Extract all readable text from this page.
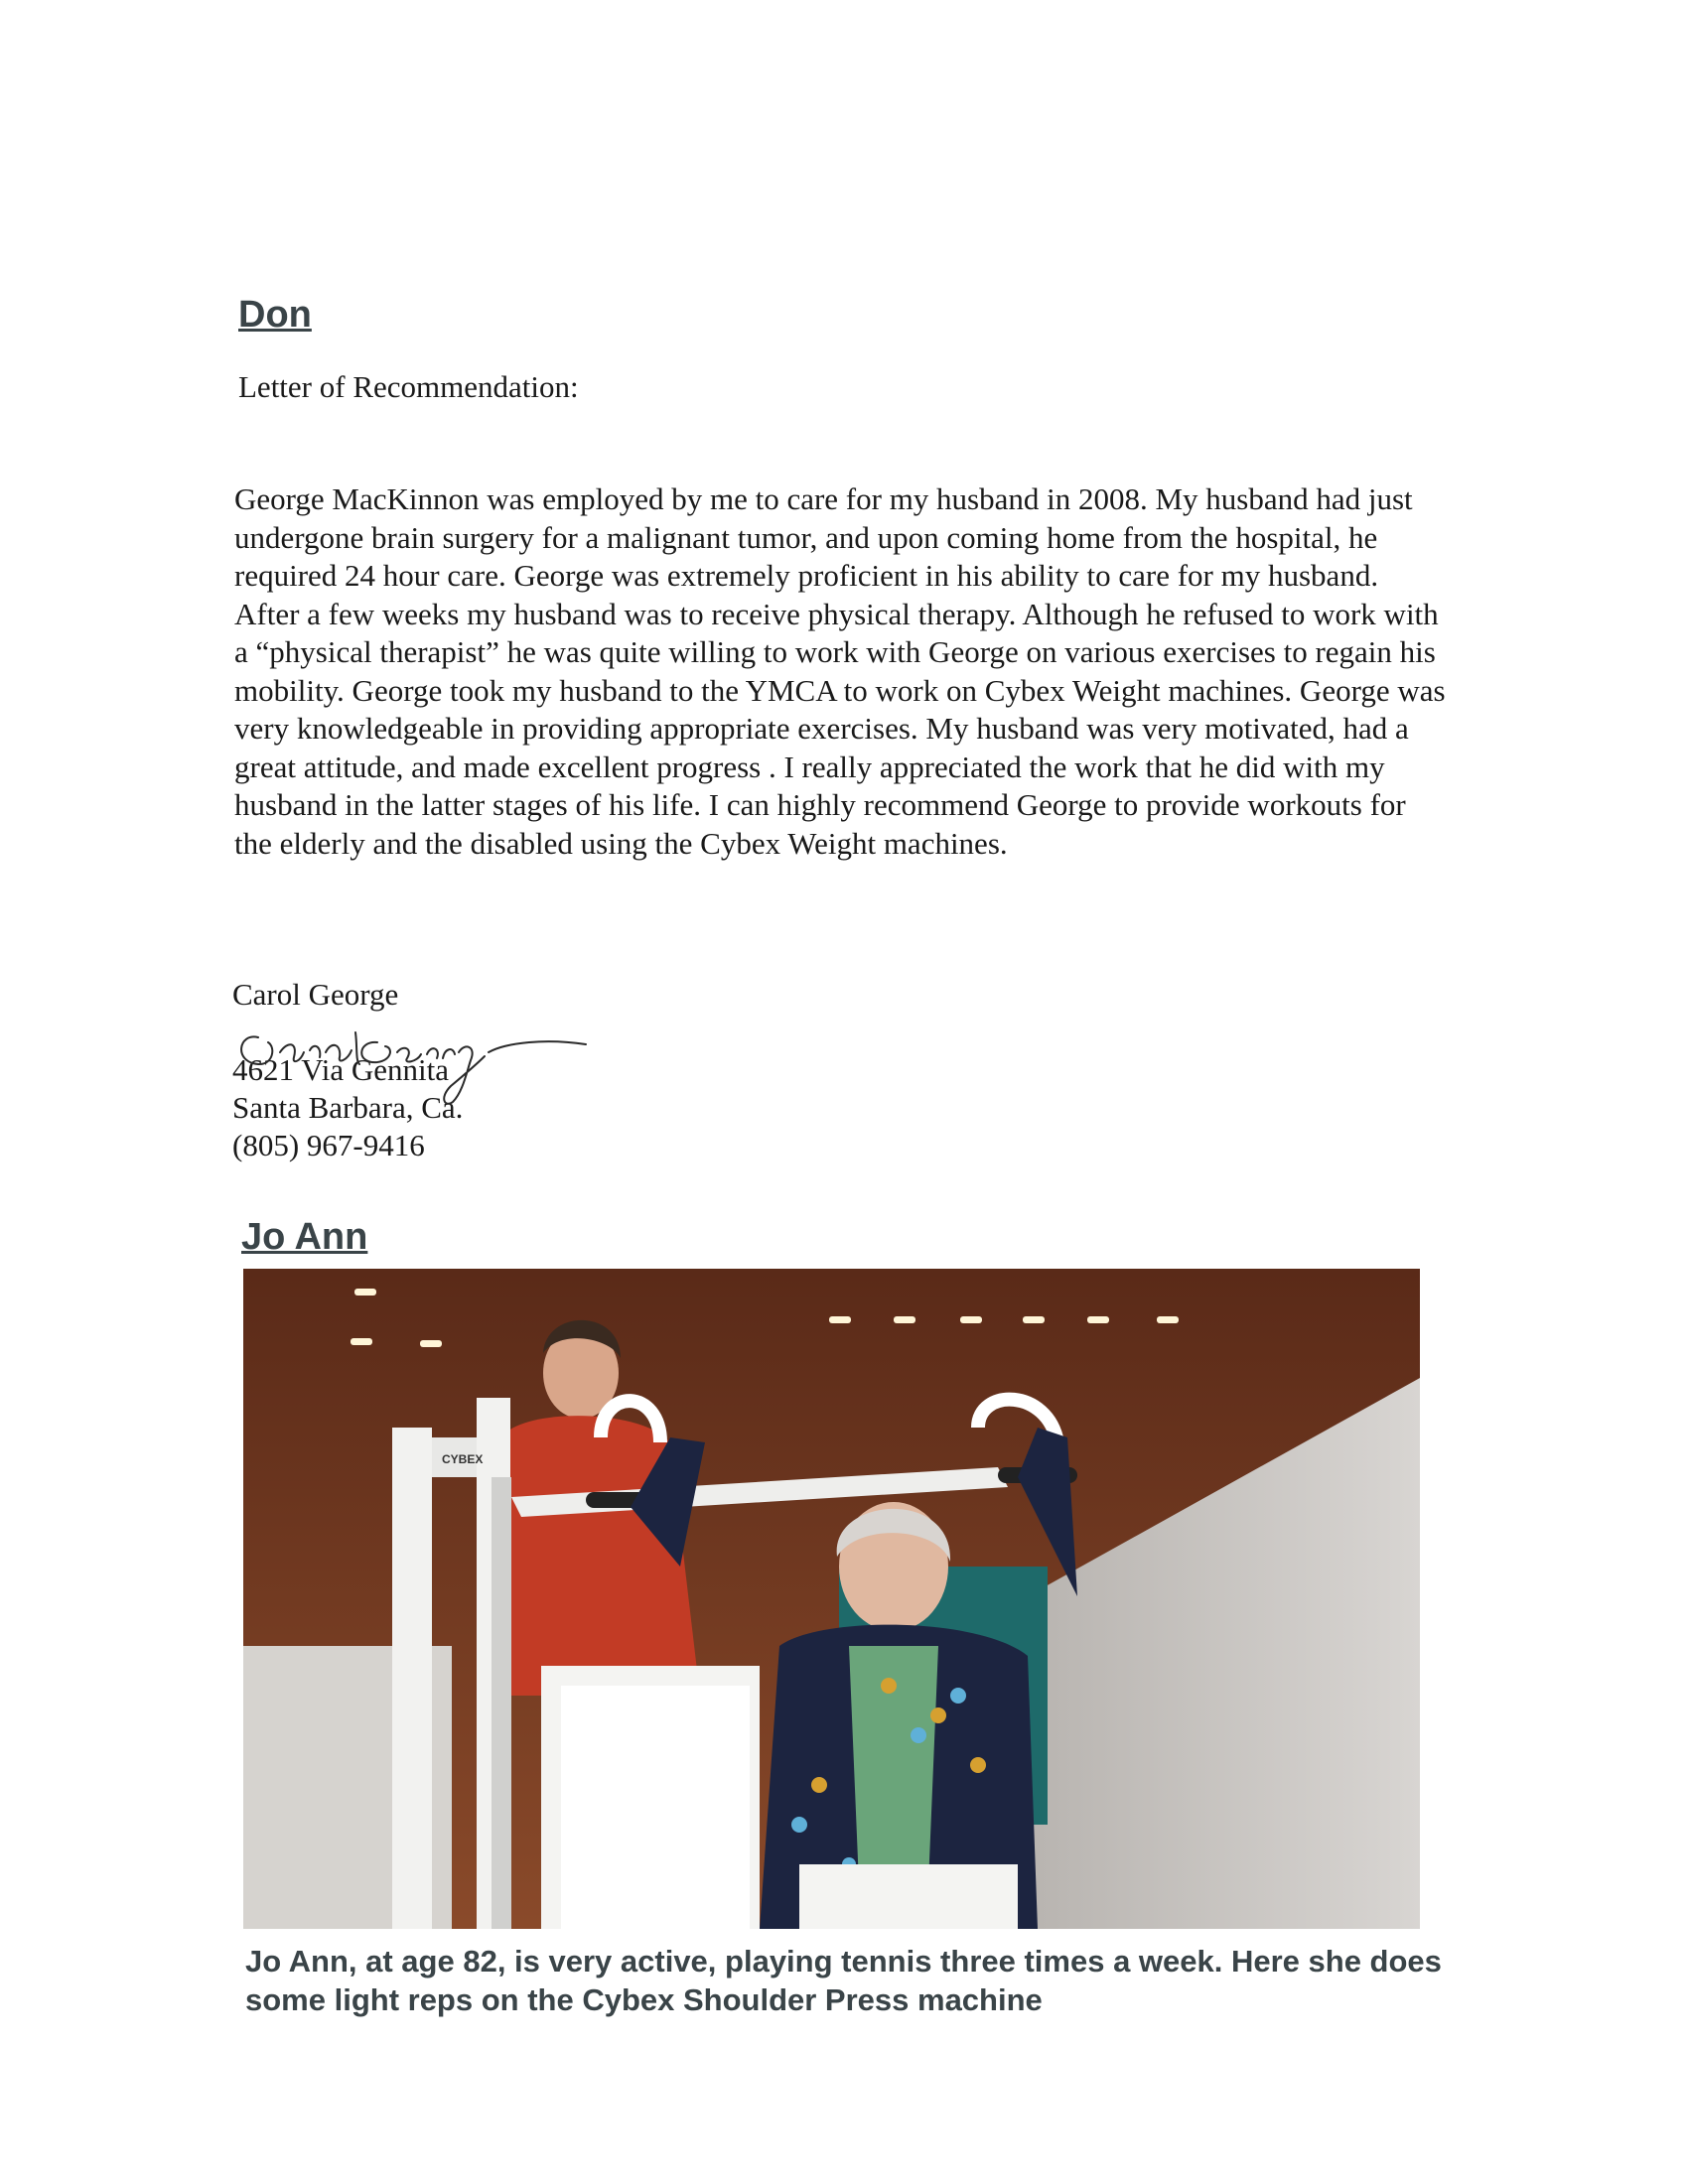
Don

Letter of Recommendation:

George MacKinnon was employed by me to care for my husband in 2008. My husband had just undergone brain surgery for a malignant tumor, and upon coming home from the hospital, he required 24 hour care. George was extremely proficient in his ability to care for my husband. After a few weeks my husband was to receive physical therapy. Although he refused to work with a “physical therapist” he was quite willing to work with George on various exercises to regain his mobility. George took my husband to the YMCA to work on Cybex Weight machines. George was very knowledgeable in providing appropriate exercises. My husband was very motivated, had a great attitude, and made excellent progress . I really appreciated the work that he did with my husband in the latter stages of his life. I can highly recommend George to provide workouts for the elderly and the disabled using the Cybex Weight machines.

Carol George
4621 Via Gennita
Santa Barbara, Ca.
(805) 967-9416
Jo Ann
CYBEX

Jo Ann, at age 82, is very active, playing tennis three times a week. Here she does some light reps on the Cybex Shoulder Press machine
